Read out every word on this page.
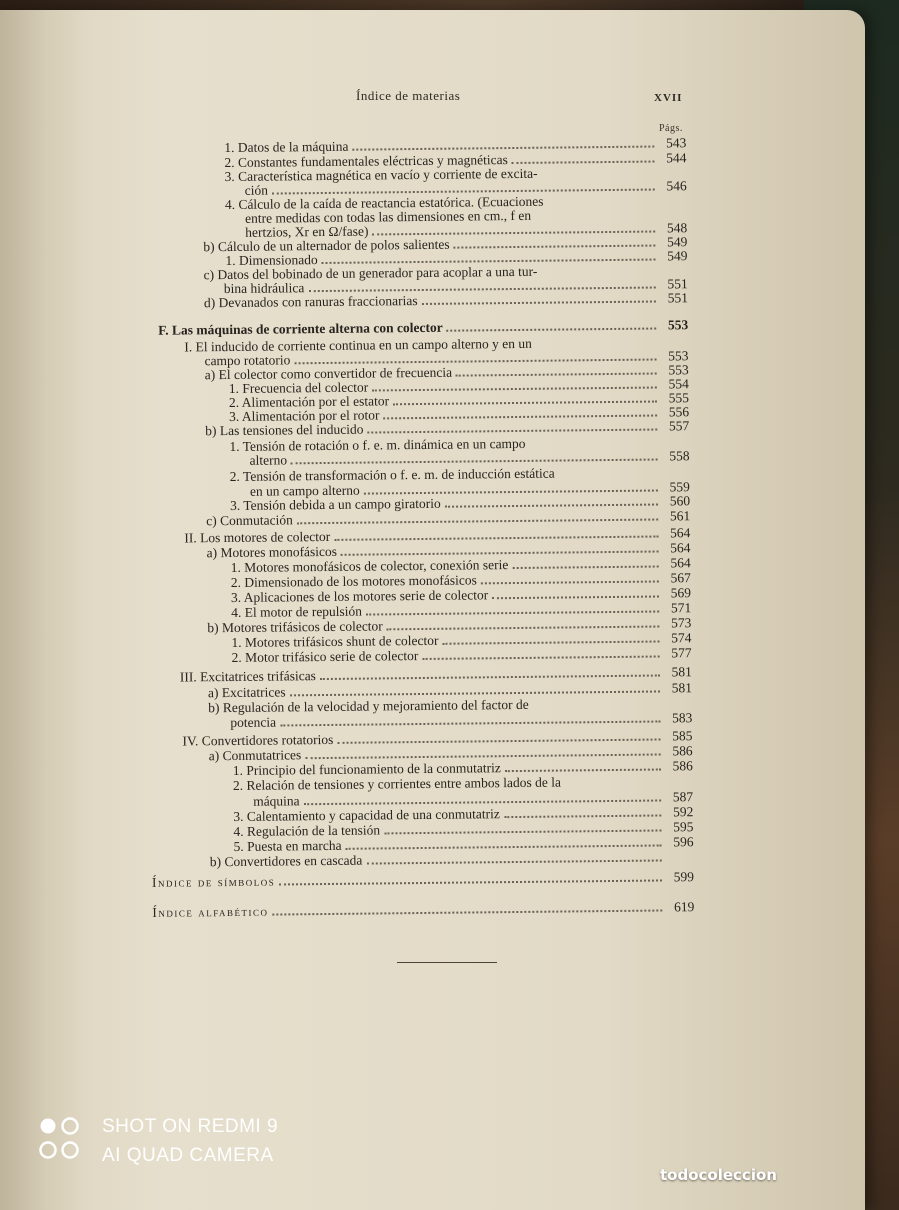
Índice de materias	XVII
Págs.
1. Datos de la máquina	543
2. Constantes fundamentales eléctricas y magnéticas	544
3. Característica magnética en vacío y corriente de excita-
ción	546
4. Cálculo de la caída de reactancia estatórica. (Ecuaciones
entre medidas con todas las dimensiones en cm., f en
hertzios, Xr en Ω/fase)	548
b) Cálculo de un alternador de polos salientes	549
1. Dimensionado	549
c) Datos del bobinado de un generador para acoplar a una tur-
bina hidráulica	551
d) Devanados con ranuras fraccionarias	551
F. Las máquinas de corriente alterna con colector	553
I. El inducido de corriente continua en un campo alterno y en un
campo rotatorio	553
a) El colector como convertidor de frecuencia	553
1. Frecuencia del colector	554
2. Alimentación por el estator	555
3. Alimentación por el rotor	556
b) Las tensiones del inducido	557
1. Tensión de rotación o f. e. m. dinámica en un campo
alterno	558
2. Tensión de transformación o f. e. m. de inducción estática
en un campo alterno	559
3. Tensión debida a un campo giratorio	560
c) Conmutación	561
II. Los motores de colector	564
a) Motores monofásicos	564
1. Motores monofásicos de colector, conexión serie	564
2. Dimensionado de los motores monofásicos	567
3. Aplicaciones de los motores serie de colector	569
4. El motor de repulsión	571
b) Motores trifásicos de colector	573
1. Motores trifásicos shunt de colector	574
2. Motor trifásico serie de colector	577
III. Excitatrices trifásicas	581
a) Excitatrices	581
b) Regulación de la velocidad y mejoramiento del factor de
potencia	583
IV. Convertidores rotatorios	585
a) Conmutatrices	586
1. Principio del funcionamiento de la conmutatriz	586
2. Relación de tensiones y corrientes entre ambos lados de la
máquina	587
3. Calentamiento y capacidad de una conmutatriz	592
4. Regulación de la tensión	595
5. Puesta en marcha	596
b) Convertidores en cascada
Índice de símbolos	599
Índice alfabético	619
SHOT ON REDMI 9
AI QUAD CAMERA
todocoleccion
